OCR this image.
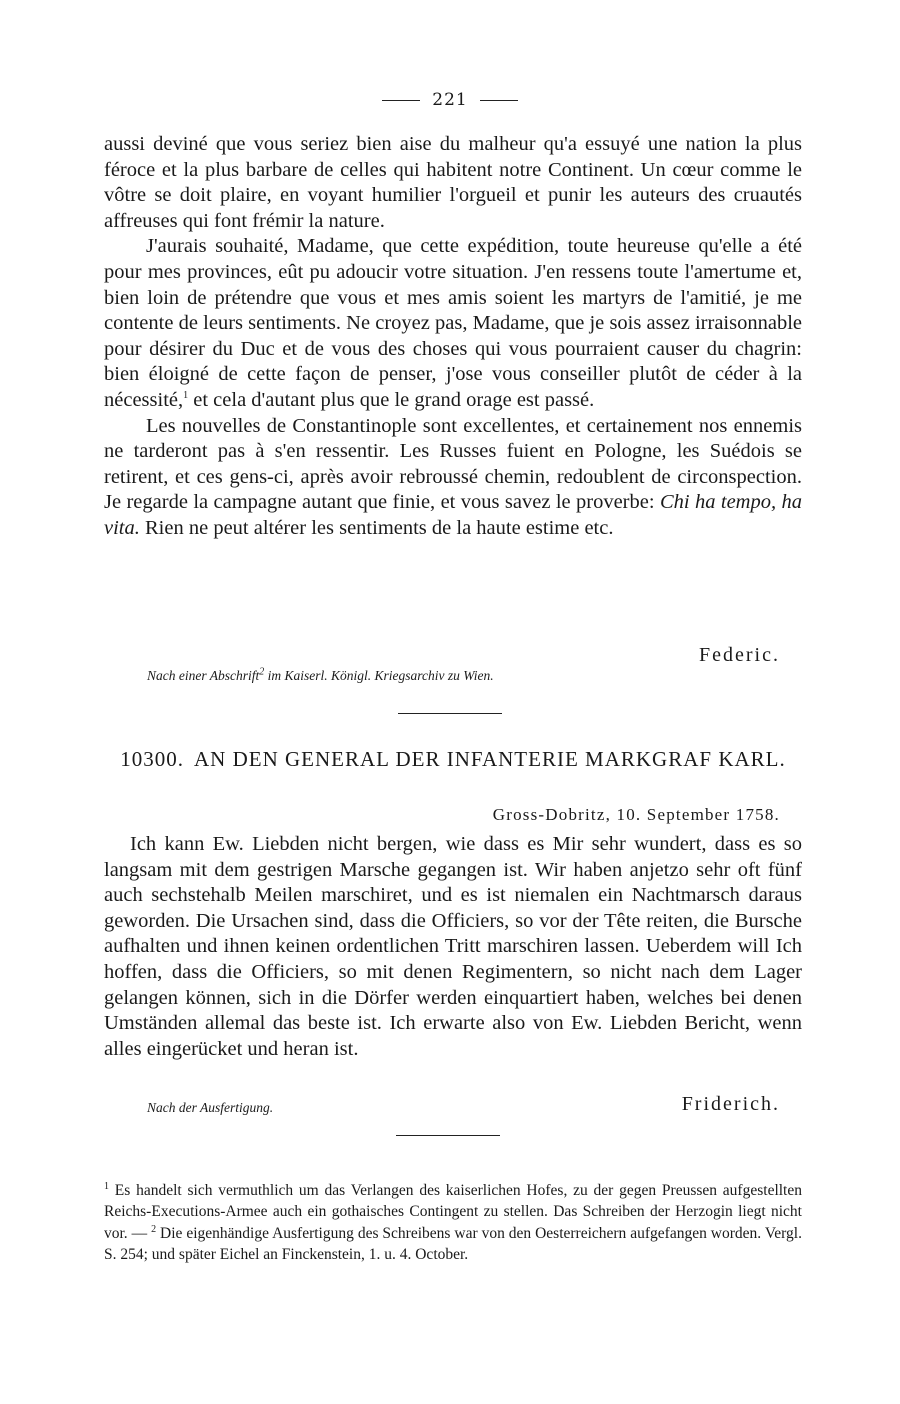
221

aussi deviné que vous seriez bien aise du malheur qu'a essuyé une nation la plus féroce et la plus barbare de celles qui habitent notre Continent. Un cœur comme le vôtre se doit plaire, en voyant humilier l'orgueil et punir les auteurs des cruautés affreuses qui font frémir la nature.

J'aurais souhaité, Madame, que cette expédition, toute heureuse qu'elle a été pour mes provinces, eût pu adoucir votre situation. J'en ressens toute l'amertume et, bien loin de prétendre que vous et mes amis soient les martyrs de l'amitié, je me contente de leurs sentiments. Ne croyez pas, Madame, que je sois assez irraisonnable pour désirer du Duc et de vous des choses qui vous pourraient causer du chagrin: bien éloigné de cette façon de penser, j'ose vous conseiller plutôt de céder à la nécessité,$^1$ et cela d'autant plus que le grand orage est passé.

Les nouvelles de Constantinople sont excellentes, et certainement nos ennemis ne tarderont pas à s'en ressentir. Les Russes fuient en Pologne, les Suédois se retirent, et ces gens-ci, après avoir rebroussé chemin, redoublent de circonspection. Je regarde la campagne autant que finie, et vous savez le proverbe: Chi ha tempo, ha vita. Rien ne peut altérer les sentiments de la haute estime etc.

Federic.
Nach einer Abschrift$^2$ im Kaiserl. Königl. Kriegsarchiv zu Wien.
10300. AN DEN GENERAL DER INFANTERIE MARKGRAF KARL.
Gross-Dobritz, 10. September 1758.

Ich kann Ew. Liebden nicht bergen, wie dass es Mir sehr wundert, dass es so langsam mit dem gestrigen Marsche gegangen ist. Wir haben anjetzo sehr oft fünf auch sechstehalb Meilen marschiret, und es ist niemalen ein Nachtmarsch daraus geworden. Die Ursachen sind, dass die Officiers, so vor der Tête reiten, die Bursche aufhalten und ihnen keinen ordentlichen Tritt marschiren lassen. Ueberdem will Ich hoffen, dass die Officiers, so mit denen Regimentern, so nicht nach dem Lager gelangen können, sich in die Dörfer werden einquartiert haben, welches bei denen Umständen allemal das beste ist. Ich erwarte also von Ew. Liebden Bericht, wenn alles eingerücket und heran ist.

Nach der Ausfertigung.	Friderich.

$^1$ Es handelt sich vermuthlich um das Verlangen des kaiserlichen Hofes, zu der gegen Preussen aufgestellten Reichs-Executions-Armee auch ein gothaisches Contingent zu stellen. Das Schreiben der Herzogin liegt nicht vor. — $^2$ Die eigenhändige Ausfertigung des Schreibens war von den Oesterreichern aufgefangen worden. Vergl. S. 254; und später Eichel an Finckenstein, 1. u. 4. October.
